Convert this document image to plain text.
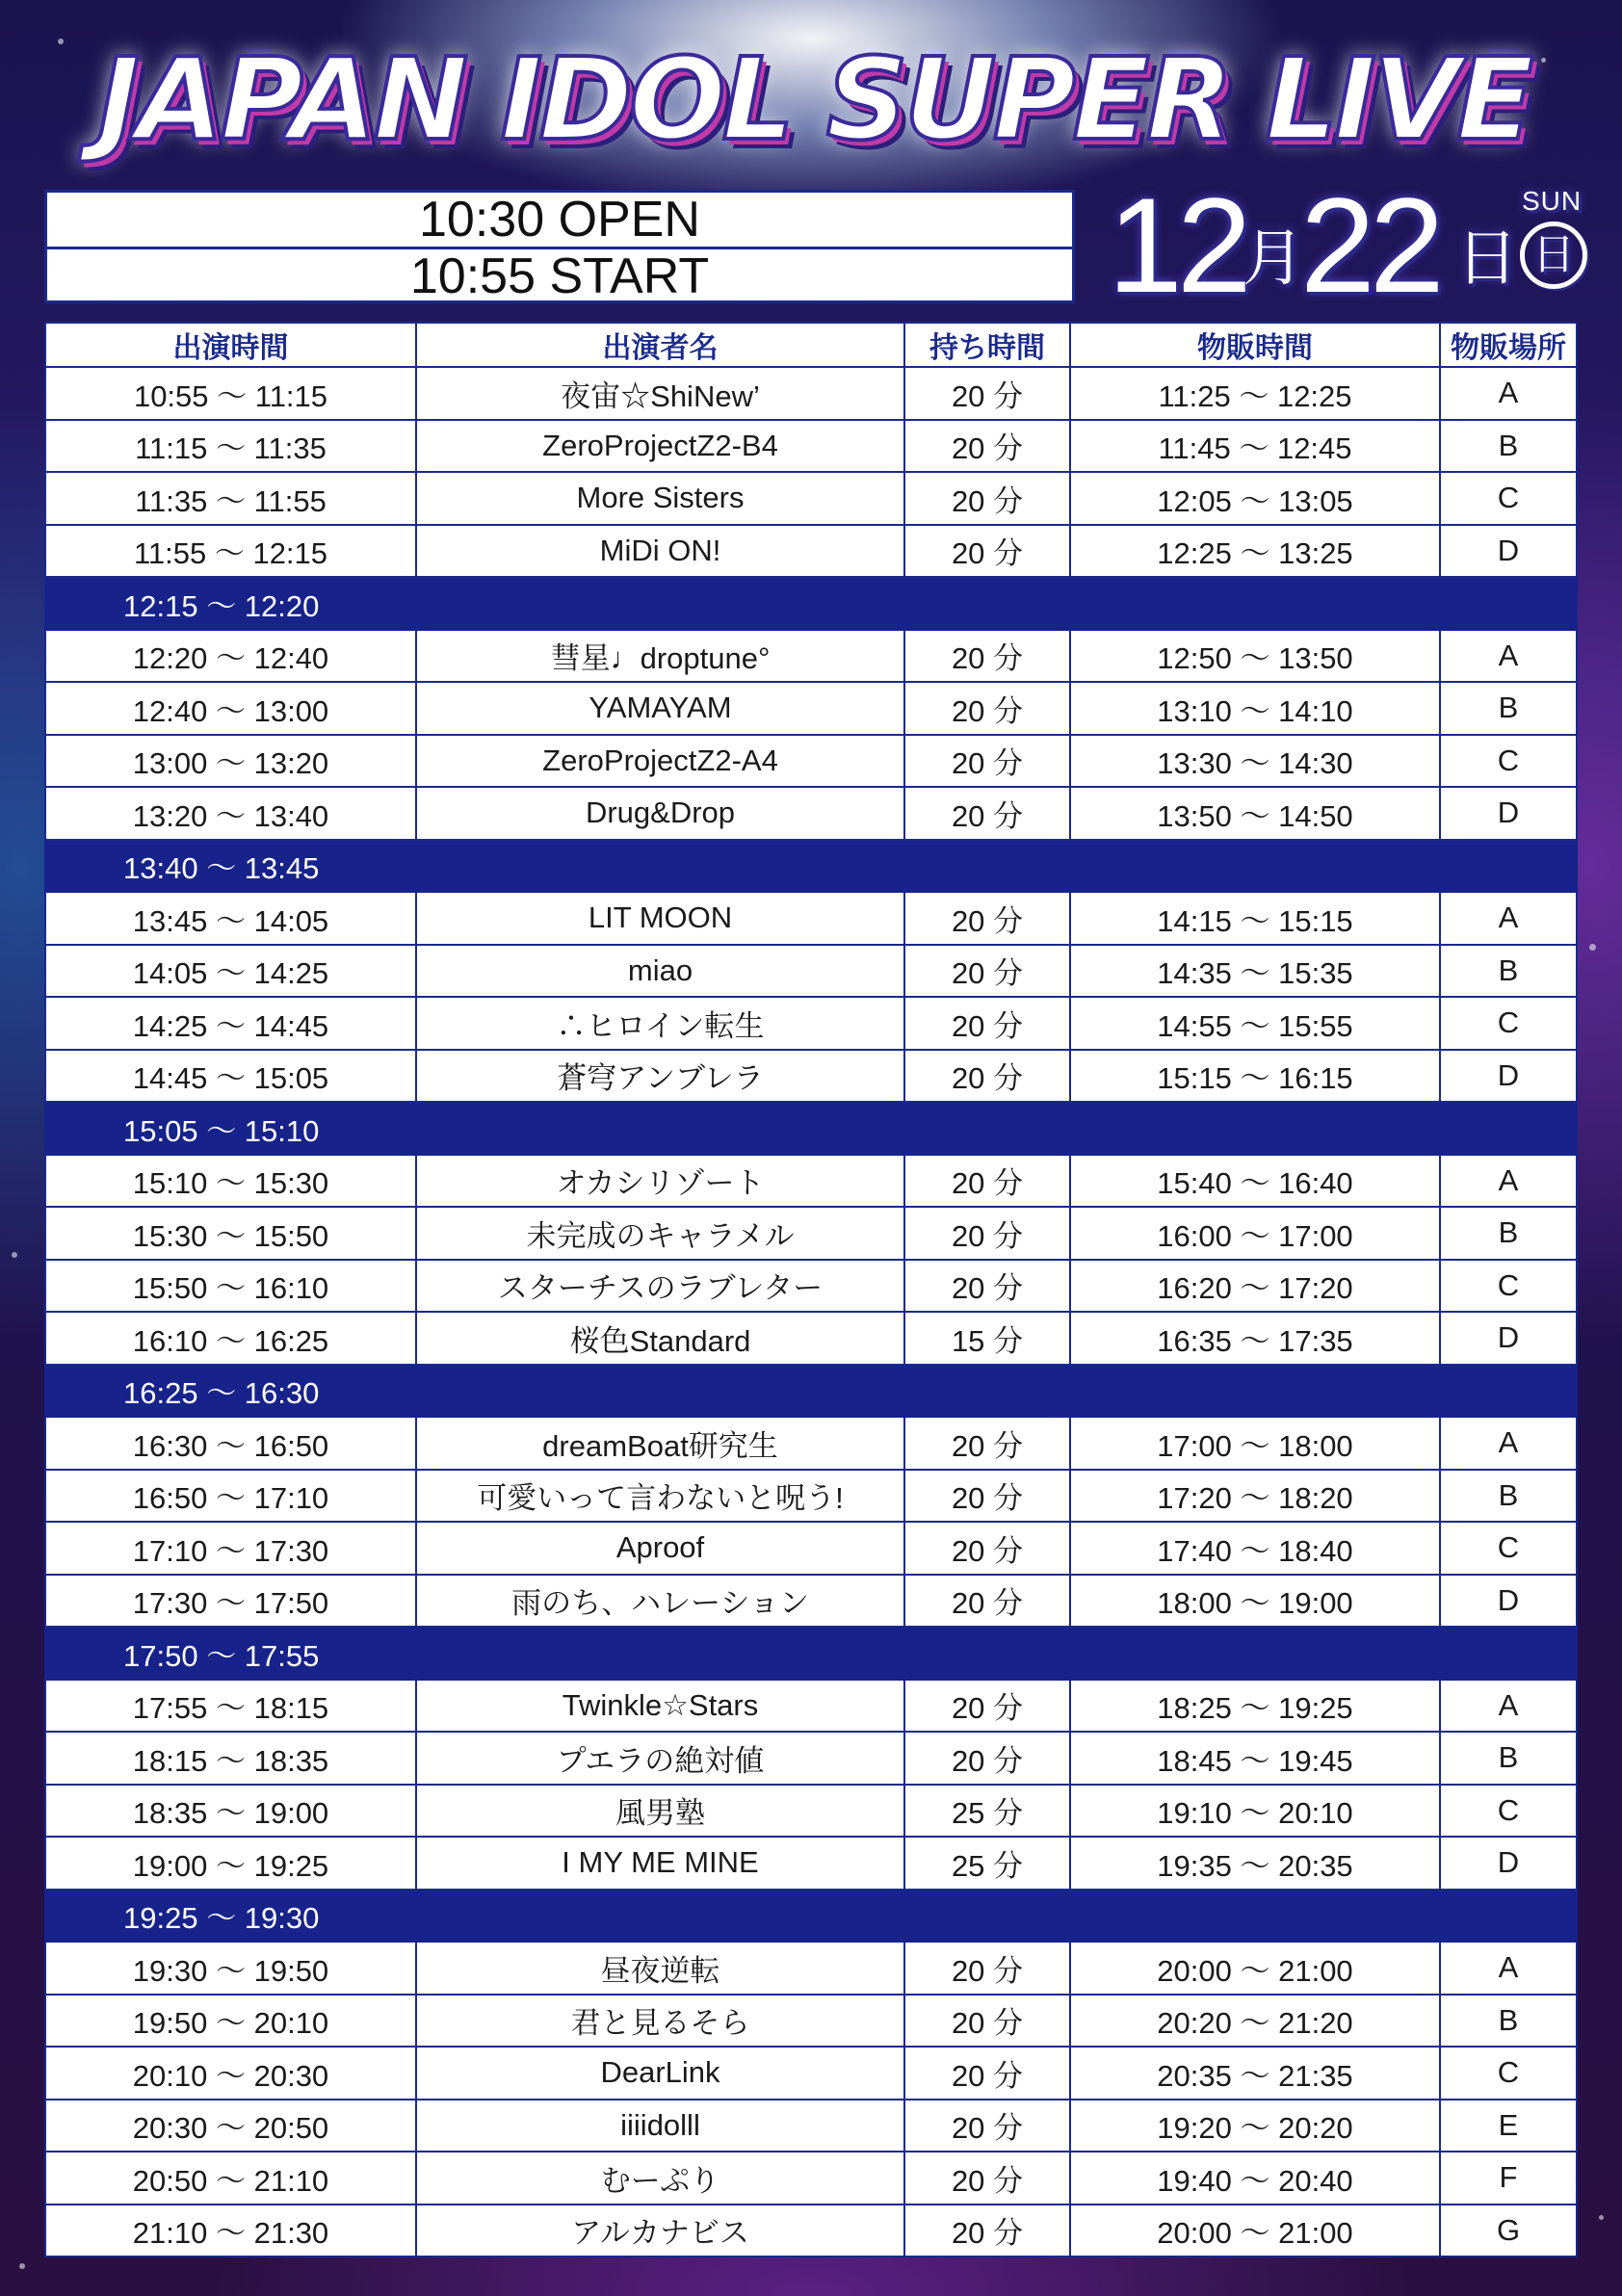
JAPAN IDOL SUPER LIVE
10:30 OPEN
10:55 START	12
月
22 日
SUN
日
出演時間	出演者名	持ち時間	物販時間	物販場所
10:55 〜 11:15	夜宙☆ShiNew’	20 分	11:25 〜 12:25	A
11:15 〜 11:35	ZeroProjectZ2-B4	20 分	11:45 〜 12:45	B
11:35 〜 11:55	More Sisters	20 分	12:05 〜 13:05	C
11:55 〜 12:15	MiDi ON!	20 分	12:25 〜 13:25	D
12:15 〜 12:20				
12:20 〜 12:40	彗星♩droptune°	20 分	12:50 〜 13:50	A
12:40 〜 13:00	YAMAYAM	20 分	13:10 〜 14:10	B
13:00 〜 13:20	ZeroProjectZ2-A4	20 分	13:30 〜 14:30	C
13:20 〜 13:40	Drug&Drop	20 分	13:50 〜 14:50	D
13:40 〜 13:45				
13:45 〜 14:05	LIT MOON	20 分	14:15 〜 15:15	A
14:05 〜 14:25	miao	20 分	14:35 〜 15:35	B
14:25 〜 14:45	∴ヒロイン転生	20 分	14:55 〜 15:55	C
14:45 〜 15:05	蒼穹アンブレラ	20 分	15:15 〜 16:15	D
15:05 〜 15:10				
15:10 〜 15:30	オカシリゾート	20 分	15:40 〜 16:40	A
15:30 〜 15:50	未完成のキャラメル	20 分	16:00 〜 17:00	B
15:50 〜 16:10	スターチスのラブレター	20 分	16:20 〜 17:20	C
16:10 〜 16:25	桜色Standard	15 分	16:35 〜 17:35	D
16:25 〜 16:30				
16:30 〜 16:50	dreamBoat研究生	20 分	17:00 〜 18:00	A
16:50 〜 17:10	可愛いって言わないと呪う!	20 分	17:20 〜 18:20	B
17:10 〜 17:30	Aproof	20 分	17:40 〜 18:40	C
17:30 〜 17:50	雨のち、ハレーション	20 分	18:00 〜 19:00	D
17:50 〜 17:55				
17:55 〜 18:15	Twinkle☆Stars	20 分	18:25 〜 19:25	A
18:15 〜 18:35	プエラの絶対値	20 分	18:45 〜 19:45	B
18:35 〜 19:00	風男塾	25 分	19:10 〜 20:10	C
19:00 〜 19:25	I MY ME MINE	25 分	19:35 〜 20:35	D
19:25 〜 19:30				
19:30 〜 19:50	昼夜逆転	20 分	20:00 〜 21:00	A
19:50 〜 20:10	君と見るそら	20 分	20:20 〜 21:20	B
20:10 〜 20:30	DearLink	20 分	20:35 〜 21:35	C
20:30 〜 20:50	iiiidolll	20 分	19:20 〜 20:20	E
20:50 〜 21:10	むーぷり	20 分	19:40 〜 20:40	F
21:10 〜 21:30	アルカナビス	20 分	20:00 〜 21:00	G
